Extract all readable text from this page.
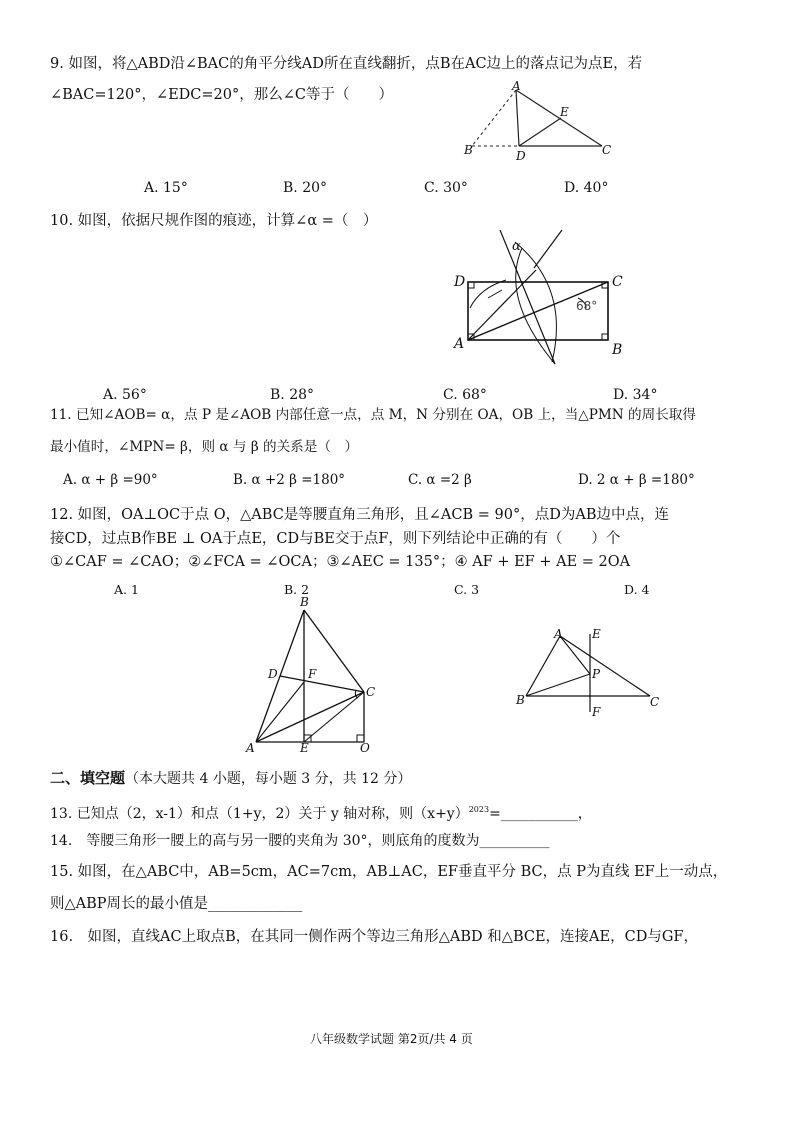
9. 如图，将△ABD沿∠BAC的角平分线AD所在直线翻折，点B在AC边上的落点记为点E，若
∠BAC=120°，∠EDC=20°，那么∠C等于（　　）
A
B	D
E
C
A. 15°	B. 20°	C. 30°	D. 40°
10. 如图，依据尺规作图的痕迹，计算∠α =（　）
α
68°
D	C
A	B
A. 56°	B. 28°	C. 68°	D. 34°
11. 已知∠AOB= α，点 P 是∠AOB 内部任意一点，点 M，N 分别在 OA，OB 上，当△PMN 的周长取得
最小值时，∠MPN= β，则 α 与 β 的关系是（　）
A. α + β =90°	B. α +2 β =180°	C. α =2 β	D. 2 α + β =180°
12. 如图，OA⊥OC于点 O，△ABC是等腰直角三角形，且∠ACB = 90°，点D为AB边中点，连
接CD，过点B作BE ⊥ OA于点E，CD与BE交于点F，则下列结论中正确的有（　　）个
①∠CAF = ∠CAO；②∠FCA = ∠OCA；③∠AEC = 135°；④ AF + EF + AE = 2OA
A. 1	B. 2	C. 3	D. 4
B
D	F
C
A	E	O
A E
P
B	C
F
二、填空题（本大题共 4 小题，每小题 3 分，共 12 分）
13. 已知点（2，x-1）和点（1+y，2）关于 y 轴对称，则$(x+y)^{2023}=\_\_\_\_\_\_\_\_\_\_\_$，
14.　等腰三角形一腰上的高与另一腰的夹角为 30°，则底角的度数为__________
15. 如图，在△ABC中，AB=5cm，AC=7cm，AB⊥AC，EF垂直平分 BC，点 P为直线 EF上一动点，
则△ABP周长的最小值是_____________
16.　如图，直线AC上取点B，在其同一侧作两个等边三角形△ABD 和△BCE，连接AE，CD与GF，
八年级数学试题 第2页/共 4 页
